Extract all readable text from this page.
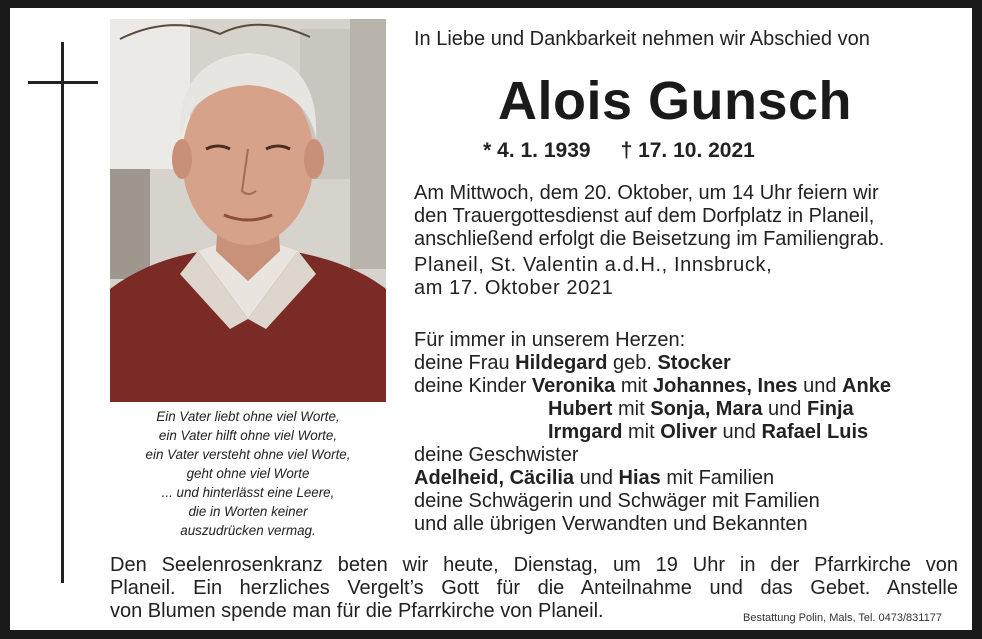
Ein Vater liebt ohne viel Worte,
ein Vater hilft ohne viel Worte,
ein Vater versteht ohne viel Worte,
geht ohne viel Worte
... und hinterlässt eine Leere,
die in Worten keiner
auszudrücken vermag.
In Liebe und Dankbarkeit nehmen wir Abschied von
Alois Gunsch
* 4. 1. 1939 † 17. 10. 2021
Am Mittwoch, dem 20. Oktober, um 14 Uhr feiern wir
den Trauergottesdienst auf dem Dorfplatz in Planeil,
anschließend erfolgt die Beisetzung im Familiengrab.
Planeil, St. Valentin a.d.H., Innsbruck,
am 17. Oktober 2021
Für immer in unserem Herzen:
deine Frau Hildegard geb. Stocker
deine Kinder Veronika mit Johannes, Ines und Anke
Hubert mit Sonja, Mara und Finja
Irmgard mit Oliver und Rafael Luis
deine Geschwister
Adelheid, Cäcilia und Hias mit Familien
deine Schwägerin und Schwäger mit Familien
und alle übrigen Verwandten und Bekannten
Den Seelenrosenkranz beten wir heute, Dienstag, um 19 Uhr in der Pfarrkirche von
Planeil. Ein herzliches Vergelt’s Gott für die Anteilnahme und das Gebet. Anstelle
von Blumen spende man für die Pfarrkirche von Planeil.	Bestattung Polin, Mals, Tel. 0473/831177
